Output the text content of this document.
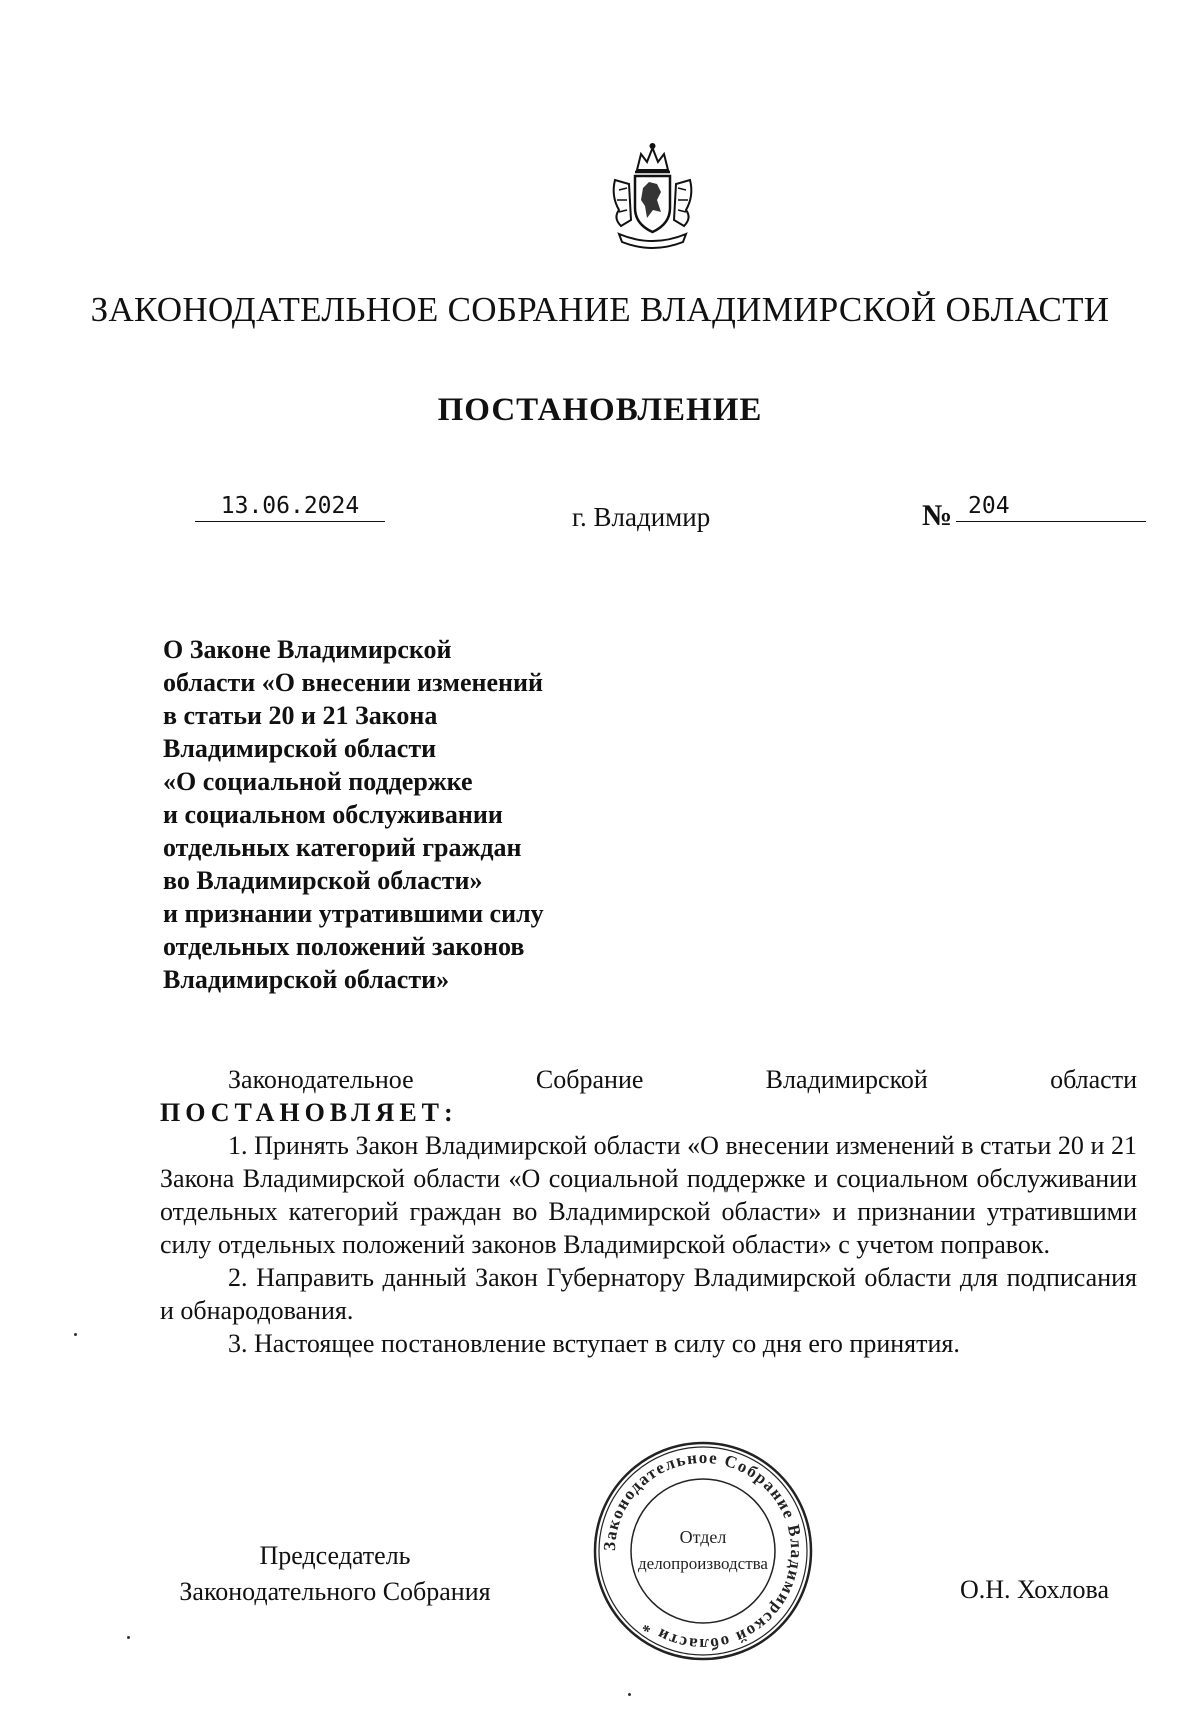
ЗАКОНОДАТЕЛЬНОЕ СОБРАНИЕ ВЛАДИМИРСКОЙ ОБЛАСТИ
ПОСТАНОВЛЕНИЕ
13.06.2024	г. Владимир	№ 204
О Законе Владимирской
области «О внесении изменений
в статьи 20 и 21 Закона
Владимирской области
«О социальной поддержке
и социальном обслуживании
отдельных категорий граждан
во Владимирской области»
и признании утратившими силу
отдельных положений законов
Владимирской области»
Законодательное Собрание Владимирской области
ПОСТАНОВЛЯЕТ:
1. Принять Закон Владимирской области «О внесении изменений в статьи 20 и 21 Закона Владимирской области «О социальной поддержке и социальном обслуживании отдельных категорий граждан во Владимирской области» и признании утратившими силу отдельных положений законов Владимирской области» с учетом поправок.
2. Направить данный Закон Губернатору Владимирской области для подписания и обнародования.
3. Настоящее постановление вступает в силу со дня его принятия.
Законодательное Собрание Владимирской области *
Отдел
делопроизводства
Председатель
Законодательного Собрания	О.Н. Хохлова
